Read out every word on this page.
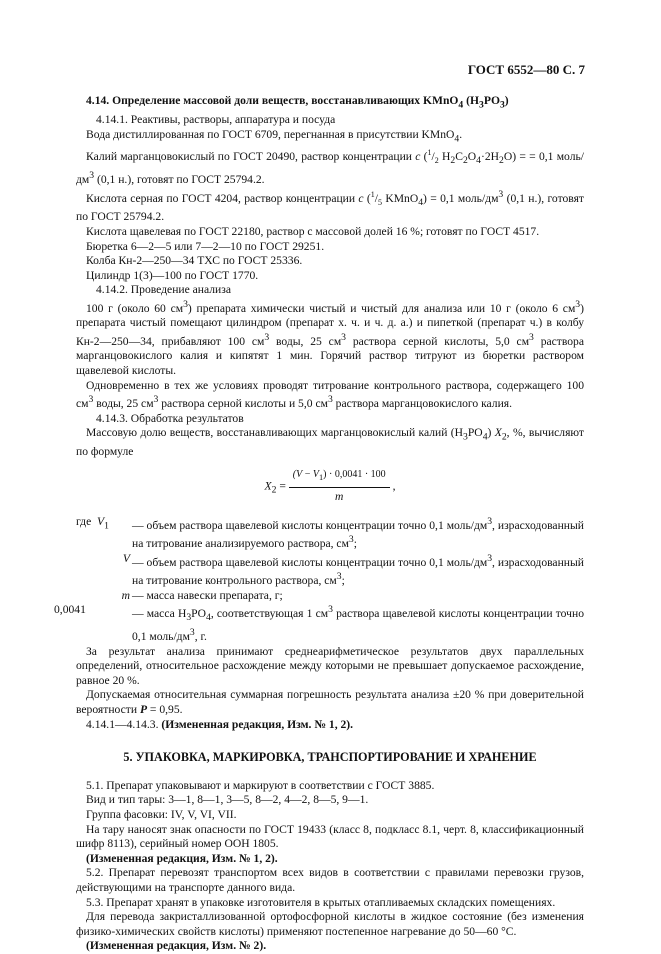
ГОСТ 6552—80 С. 7

4.14. Определение массовой доли веществ, восстанавливающих KMnO$_4$ $(H_3PO_3)$

4.14.1. Реактивы, растворы, аппаратура и посуда

Вода дистиллированная по ГОСТ 6709, перегнанная в присутствии KMnO$_4$.

Калий марганцовокислый по ГОСТ 20490, раствор концентрации c ($^1/_2$ $H_2C_2O_4\cdot 2H_2O$) = = 0,1 моль/$дм^3$ (0,1 н.), готовят по ГОСТ 25794.2.

Кислота серная по ГОСТ 4204, раствор концентрации c ($^1/_5$ KMnO$_4$) = 0,1 моль/$дм^3$ (0,1 н.), готовят по ГОСТ 25794.2.

Кислота щавелевая по ГОСТ 22180, раствор с массовой долей 16 %; готовят по ГОСТ 4517.

Бюретка 6—2—5 или 7—2—10 по ГОСТ 29251.

Колба Кн-2—250—34 ТХС по ГОСТ 25336.

Цилиндр 1(3)—100 по ГОСТ 1770.

4.14.2. Проведение анализа

100 г (около 60 $см^3$) препарата химически чистый и чистый для анализа или 10 г (около 6 $см^3$) препарата чистый помещают цилиндром (препарат х. ч. и ч. д. а.) и пипеткой (препарат ч.) в колбу Кн-2—250—34, прибавляют 100 $см^3$ воды, 25 $см^3$ раствора серной кислоты, 5,0 $см^3$ раствора марганцовокислого калия и кипятят 1 мин. Горячий раствор титруют из бюретки раствором щавелевой кислоты.

Одновременно в тех же условиях проводят титрование контрольного раствора, содержащего 100 $см^3$ воды, 25 $см^3$ раствора серной кислоты и 5,0 $см^3$ раствора марганцовокислого калия.

4.14.3. Обработка результатов

Массовую долю веществ, восстанавливающих марганцовокислый калий $(H_3PO_4)$ $X_2$, %, вычисляют по формуле

$X_2 = \frac{(V - V_1) \cdot 0,0041 \cdot 100}{m}$ ,
где $V_1$	— объем раствора щавелевой кислоты концентрации точно 0,1 моль/$дм^3$, израсходованный на титрование анализируемого раствора, $см^3$;
V — объем раствора щавелевой кислоты концентрации точно 0,1 моль/$дм^3$, израсходованный на титрование контрольного раствора, $см^3$;
m — масса навески препарата, г;
0,0041	— масса $H_3PO_4$, соответствующая 1 $см^3$ раствора щавелевой кислоты концентрации точно 0,1 моль/$дм^3$, г.

За результат анализа принимают среднеарифметическое результатов двух параллельных определений, относительное расхождение между которыми не превышает допускаемое расхождение, равное 20 %.

Допускаемая относительная суммарная погрешность результата анализа ±20 % при доверительной вероятности P = 0,95.

4.14.1—4.14.3. (Измененная редакция, Изм. № 1, 2).

5. УПАКОВКА, МАРКИРОВКА, ТРАНСПОРТИРОВАНИЕ И ХРАНЕНИЕ

5.1. Препарат упаковывают и маркируют в соответствии с ГОСТ 3885.

Вид и тип тары: 3—1, 8—1, 3—5, 8—2, 4—2, 8—5, 9—1.

Группа фасовки: IV, V, VI, VII.

На тару наносят знак опасности по ГОСТ 19433 (класс 8, подкласс 8.1, черт. 8, классификационный шифр 8113), серийный номер ООН 1805.

(Измененная редакция, Изм. № 1, 2).

5.2. Препарат перевозят транспортом всех видов в соответствии с правилами перевозки грузов, действующими на транспорте данного вида.

5.3. Препарат хранят в упаковке изготовителя в крытых отапливаемых складских помещениях.

Для перевода закристаллизованной ортофосфорной кислоты в жидкое состояние (без изменения физико-химических свойств кислоты) применяют постепенное нагревание до 50—60 °С.

(Измененная редакция, Изм. № 2).
